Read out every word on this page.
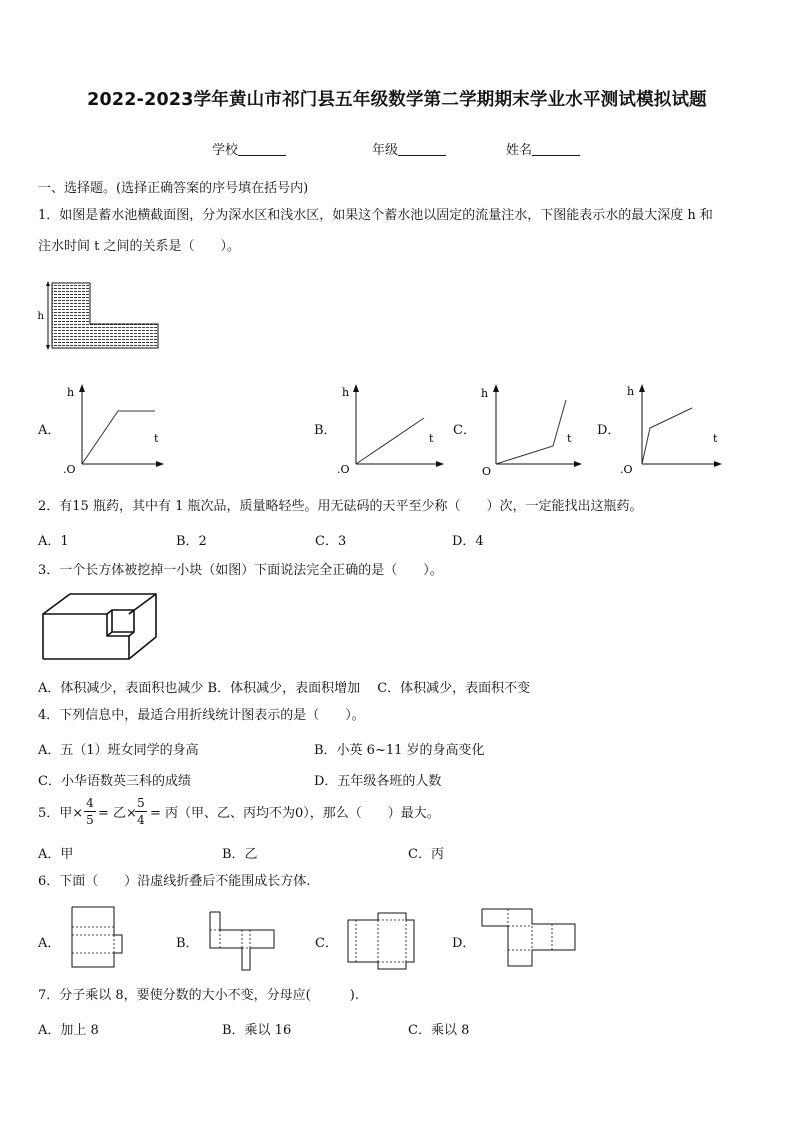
2022-2023学年黄山市祁门县五年级数学第二学期期末学业水平测试模拟试题
学校	年级	姓名
一、选择题。(选择正确答案的序号填在括号内)
1．如图是蓄水池横截面图，分为深水区和浅水区，如果这个蓄水池以固定的流量注水，下图能表示水的最大深度 h 和
注水时间 t 之间的关系是（　　）。
h
A．	B．	C．	D．
h
t
.O
h
t
.O
h
t
O
h
t
.O
2．有15 瓶药，其中有 1 瓶次品，质量略轻些。用无砝码的天平至少称（　　）次，一定能找出这瓶药。
A．1	B．2	C．3	D．4
3．一个长方体被挖掉一小块（如图）下面说法完全正确的是（　　）。
A．体积减少，表面积也减少 B．体积减少，表面积增加　 C．体积减少，表面积不变
4．下列信息中，最适合用折线统计图表示的是（　　）。
A．五（1）班女同学的身高	B．小英 6~11 岁的身高变化
C．小华语数英三科的成绩	D．五年级各班的人数
5．甲× $\frac{4}{5}$ = 乙×
$\frac{5}{4}$ = 丙（甲、乙、丙均不为0），那么（　　）最大。
A．甲	B．乙	C．丙
6．下面（　　）沿虚线折叠后不能围成长方体.
A．	B．	C．	D．
7．分子乘以 8，要使分数的大小不变，分母应(　　　).
A．加上 8	B．乘以 16	C．乘以 8
